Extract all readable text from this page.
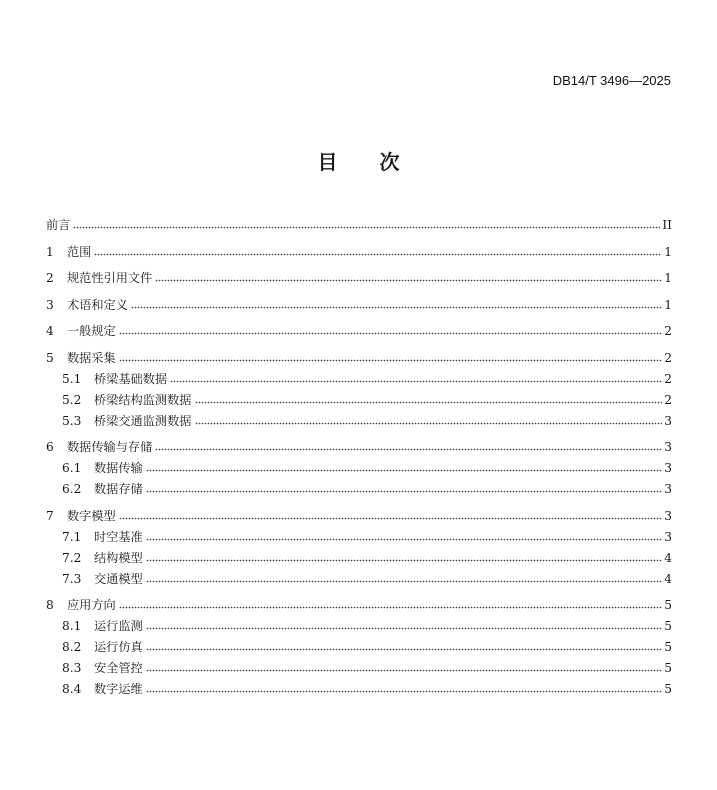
DB14/T 3496—2025
目 次
前言	II
1	范围	1
2	规范性引用文件	1
3	术语和定义	1
4	一般规定	2
5	数据采集	2
5.1	桥梁基础数据	2
5.2	桥梁结构监测数据	2
5.3	桥梁交通监测数据	3
6	数据传输与存储	3
6.1	数据传输	3
6.2	数据存储	3
7	数字模型	3
7.1	时空基准	3
7.2	结构模型	4
7.3	交通模型	4
8	应用方向	5
8.1	运行监测	5
8.2	运行仿真	5
8.3	安全管控	5
8.4	数字运维	5
